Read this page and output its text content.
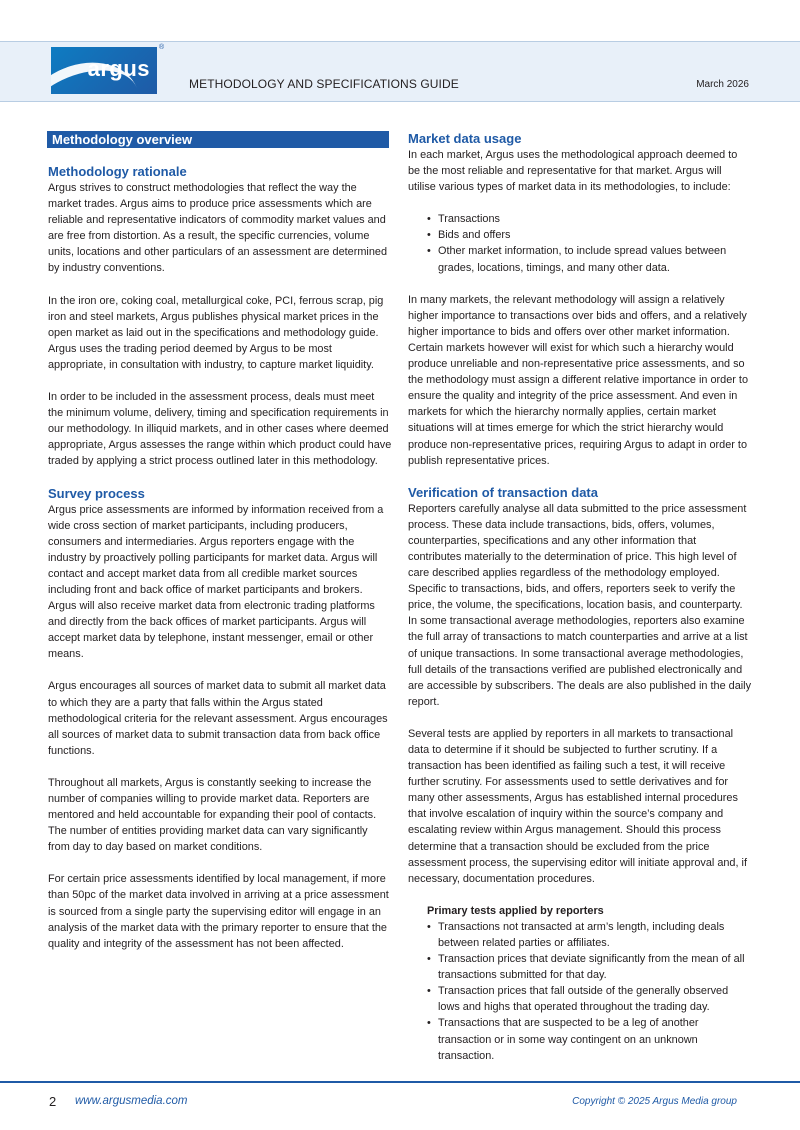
argus
®
METHODOLOGY AND SPECIFICATIONS GUIDE	March 2026
Methodology overview
Methodology rationale

Argus strives to construct methodologies that reflect the way the market trades. Argus aims to produce price assessments which are reliable and representative indicators of commodity market values and are free from distortion. As a result, the specific currencies, volume units, locations and other particulars of an assessment are determined by industry conventions.

In the iron ore, coking coal, metallurgical coke, PCI, ferrous scrap, pig iron and steel markets, Argus publishes physical market prices in the open market as laid out in the specifications and methodology guide. Argus uses the trading period deemed by Argus to be most appropriate, in consultation with industry, to capture market liquidity.

In order to be included in the assessment process, deals must meet the minimum volume, delivery, timing and specification requirements in our methodology. In illiquid markets, and in other cases where deemed appropriate, Argus assesses the range within which product could have traded by applying a strict process outlined later in this methodology.

Survey process

Argus price assessments are informed by information received from a wide cross section of market participants, including producers, consumers and intermediaries. Argus reporters engage with the industry by proactively polling participants for market data. Argus will contact and accept market data from all credible market sources including front and back office of market participants and brokers. Argus will also receive market data from electronic trading platforms and directly from the back offices of market participants. Argus will accept market data by telephone, instant messenger, email or other means.

Argus encourages all sources of market data to submit all market data to which they are a party that falls within the Argus stated methodological criteria for the relevant assessment. Argus encourages all sources of market data to submit transaction data from back office functions.

Throughout all markets, Argus is constantly seeking to increase the number of companies willing to provide market data. Reporters are mentored and held accountable for expanding their pool of contacts. The number of entities providing market data can vary significantly from day to day based on market conditions.

For certain price assessments identified by local management, if more than 50pc of the market data involved in arriving at a price assessment is sourced from a single party the supervising editor will engage in an analysis of the market data with the primary reporter to ensure that the quality and integrity of the assessment has not been affected.

Market data usage

In each market, Argus uses the methodological approach deemed to be the most reliable and representative for that market. Argus will utilise various types of market data in its methodologies, to include:

• Transactions
• Bids and offers
• Other market information, to include spread values between grades, locations, timings, and many other data.

In many markets, the relevant methodology will assign a relatively higher importance to transactions over bids and offers, and a relatively higher importance to bids and offers over other market information. Certain markets however will exist for which such a hierarchy would produce unreliable and non-representative price assessments, and so the methodology must assign a different relative importance in order to ensure the quality and integrity of the price assessment. And even in markets for which the hierarchy normally applies, certain market situations will at times emerge for which the strict hierarchy would produce non-representative prices, requiring Argus to adapt in order to publish representative prices.

Verification of transaction data

Reporters carefully analyse all data submitted to the price assessment process. These data include transactions, bids, offers, volumes, counterparties, specifications and any other information that contributes materially to the determination of price. This high level of care described applies regardless of the methodology employed. Specific to transactions, bids, and offers, reporters seek to verify the price, the volume, the specifications, location basis, and counterparty. In some transactional average methodologies, reporters also examine the full array of transactions to match counterparties and arrive at a list of unique transactions. In some transactional average methodologies, full details of the transactions verified are published electronically and are accessible by subscribers. The deals are also published in the daily report.

Several tests are applied by reporters in all markets to transactional data to determine if it should be subjected to further scrutiny. If a transaction has been identified as failing such a test, it will receive further scrutiny. For assessments used to settle derivatives and for many other assessments, Argus has established internal procedures that involve escalation of inquiry within the source’s company and escalating review within Argus management. Should this process determine that a transaction should be excluded from the price assessment process, the supervising editor will initiate approval and, if necessary, documentation procedures.

Primary tests applied by reporters
• Transactions not transacted at arm’s length, including deals between related parties or affiliates.
• Transaction prices that deviate significantly from the mean of all transactions submitted for that day.
• Transaction prices that fall outside of the generally observed lows and highs that operated throughout the trading day.
• Transactions that are suspected to be a leg of another transaction or in some way contingent on an unknown transaction.
2 www.argusmedia.com	Copyright © 2025 Argus Media group
